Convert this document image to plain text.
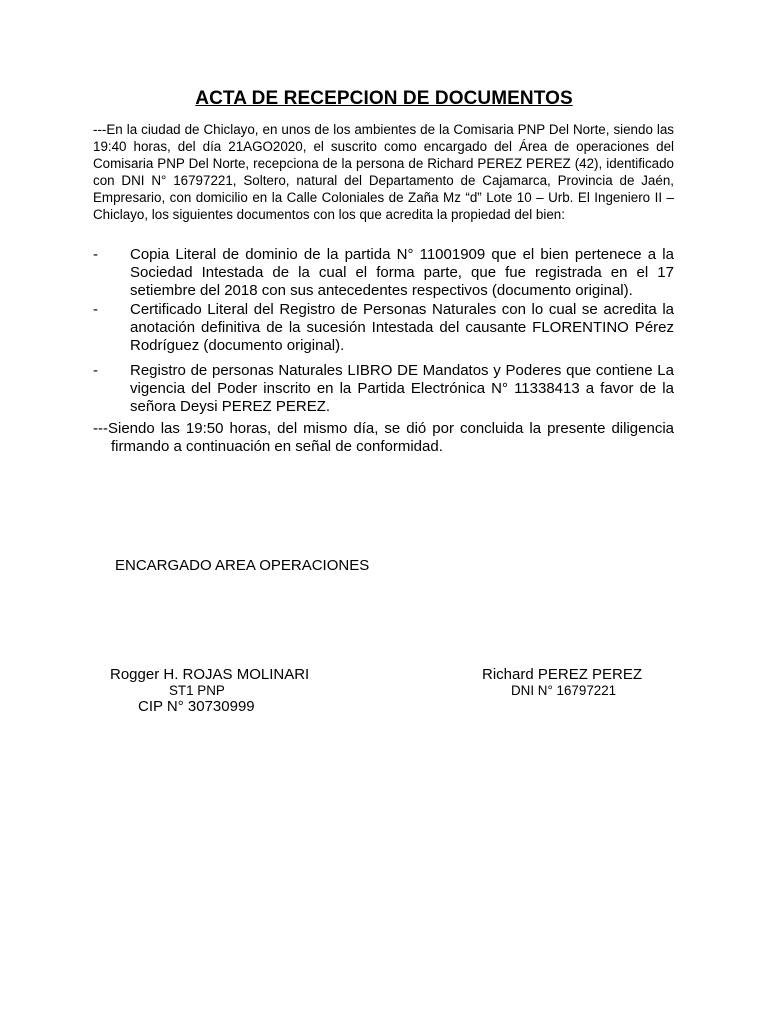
ACTA DE RECEPCION DE DOCUMENTOS
---En la ciudad de Chiclayo, en unos de los ambientes de la Comisaria PNP Del Norte, siendo las 19:40 horas, del día 21AGO2020, el suscrito como encargado del Área de operaciones del Comisaria PNP Del Norte, recepciona de la persona de Richard PEREZ PEREZ (42), identificado con DNI N° 16797221, Soltero, natural del Departamento de Cajamarca, Provincia de Jaén, Empresario, con domicilio en la Calle Coloniales de Zaña Mz “d” Lote 10 – Urb. El Ingeniero II – Chiclayo, los siguientes documentos con los que acredita la propiedad del bien:
-	Copia Literal de dominio de la partida N° 11001909 que el bien pertenece a la Sociedad Intestada de la cual el forma parte, que fue registrada en el 17 setiembre del 2018 con sus antecedentes respectivos (documento original).
-	Certificado Literal del Registro de Personas Naturales con lo cual se acredita la anotación definitiva de la sucesión Intestada del causante FLORENTINO Pérez Rodríguez (documento original).
-	Registro de personas Naturales LIBRO DE Mandatos y Poderes que contiene La vigencia del Poder inscrito en la Partida Electrónica N° 11338413 a favor de la señora Deysi PEREZ PEREZ.
---Siendo las 19:50 horas, del mismo día, se dió por concluida la presente diligencia firmando a continuación en señal de conformidad.
ENCARGADO AREA OPERACIONES
Rogger H. ROJAS MOLINARI
ST1 PNP
CIP N° 30730999
Richard PEREZ PEREZ
DNI N° 16797221
